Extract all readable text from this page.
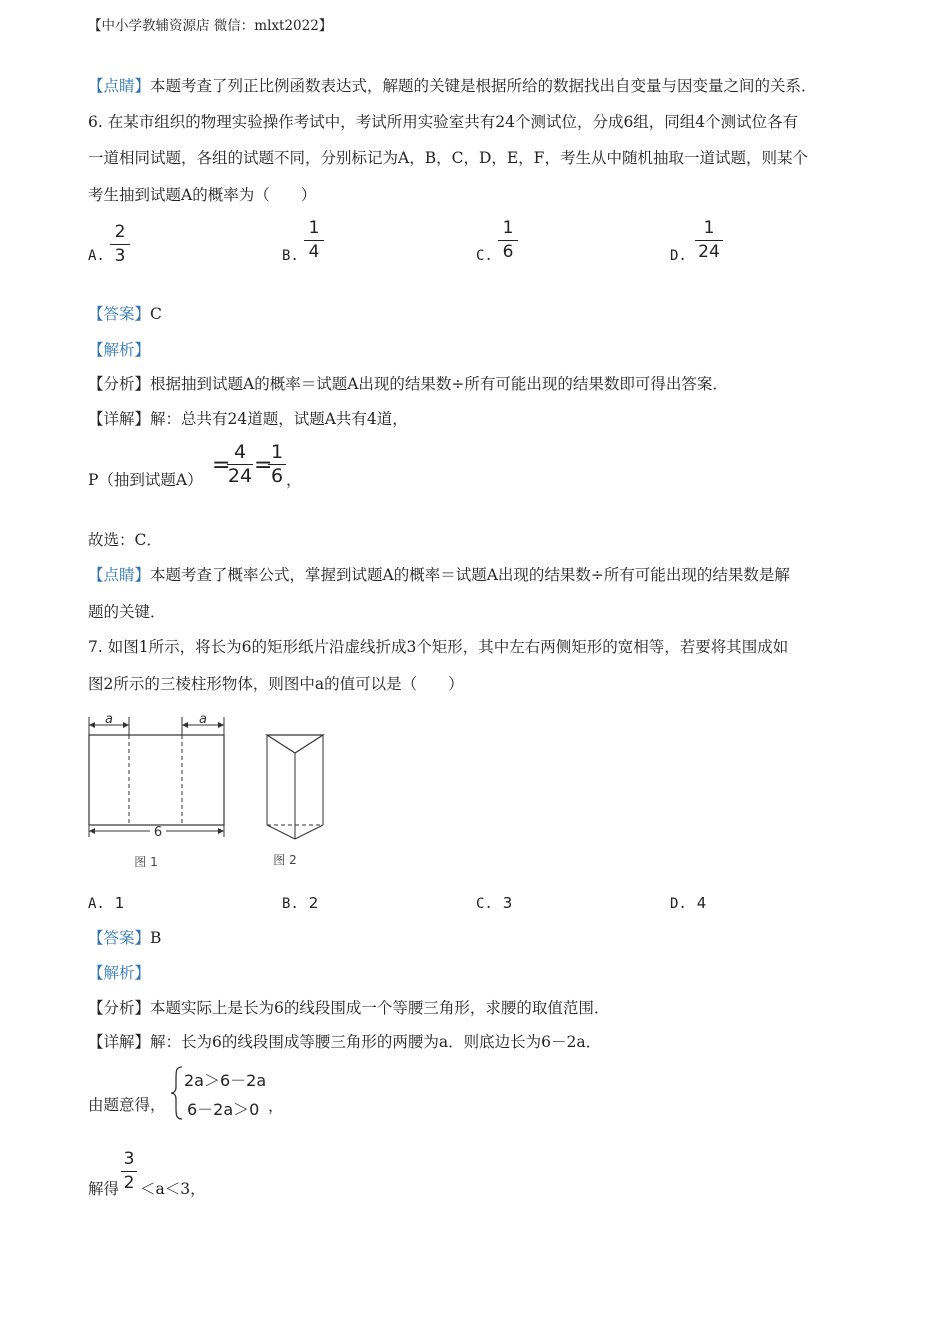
【中小学教辅资源店 微信：mlxt2022】
【点睛】本题考查了列正比例函数表达式，解题的关键是根据所给的数据找出自变量与因变量之间的关系．
6. 在某市组织的物理实验操作考试中，考试所用实验室共有24个测试位，分成6组，同组4个测试位各有
一道相同试题，各组的试题不同，分别标记为A，B，C，D，E，F，考生从中随机抽取一道试题，则某个
考生抽到试题A的概率为（　　）
A.
2
3	B.
1
4	C.
1
6	D.
1
24
【答案】C
【解析】
【分析】根据抽到试题A的概率＝试题A出现的结果数÷所有可能出现的结果数即可得出答案．
【详解】解：总共有24道题，试题A共有4道，
P（抽到试题A）
=
4
24 =
1
6 ，
故选：C．
【点睛】本题考查了概率公式，掌握到试题A的概率＝试题A出现的结果数÷所有可能出现的结果数是解
题的关键．
7. 如图1所示，将长为6的矩形纸片沿虚线折成3个矩形，其中左右两侧矩形的宽相等，若要将其围成如
图2所示的三棱柱形物体，则图中a的值可以是（　　）
a	a
6
图 1	图 2
A. 1	B. 2	C. 3	D. 4
【答案】B
【解析】
【分析】本题实际上是长为6的线段围成一个等腰三角形，求腰的取值范围．
【详解】解：长为6的线段围成等腰三角形的两腰为a．则底边长为6－2a．
由题意得，
2a＞6－2a
6－2a＞0 ，
解得
3
2 ＜a＜3，
